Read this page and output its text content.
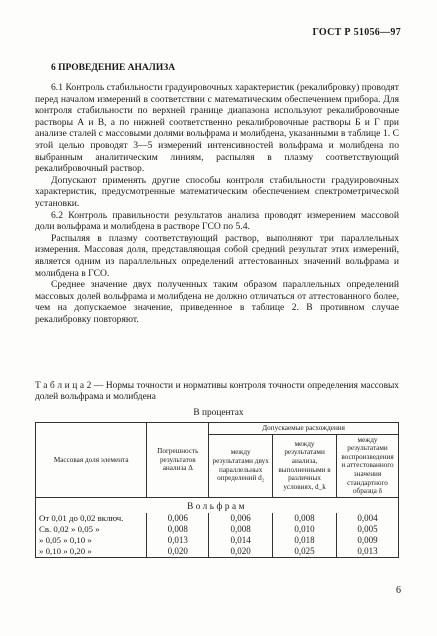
ГОСТ Р 51056—97
6 ПРОВЕДЕНИЕ АНАЛИЗА

6.1 Контроль стабильности градуировочных характеристик (рекалибровку) проводят перед началом измерений в соответствии с математическим обеспечением прибора. Для контроля стабильности по верхней границе диапазона используют рекалибровочные растворы А и В, а по нижней соответственно рекалибровочные растворы Б и Г при анализе сталей с массовыми долями вольфрама и молибдена, указанными в таблице 1. С этой целью проводят 3—5 измерений интенсивностей вольфрама и молибдена по выбранным аналитическим линиям, распыляя в плазму соответствующий рекалибровочный раствор.

Допускают применять другие способы контроля стабильности градуировочных характеристик, предусмотренные математическим обеспечением спектрометрической установки.

6.2 Контроль правильности результатов анализа проводят измерением массовой доли вольфрама и молибдена в растворе ГСО по 5.4.

Распыляя в плазму соответствующий раствор, выполняют три параллельных измерения. Массовая доля, представляющая собой средний результат этих измерений, является одним из параллельных определений аттестованных значений вольфрама и молибдена в ГСО.

Среднее значение двух полученных таким образом параллельных определений массовых долей вольфрама и молибдена не должно отличаться от аттестованного более, чем на допускаемое значение, приведенное в таблице 2. В противном случае рекалибровку повторяют.

Т а б л и ц а 2 — Нормы точности и нормативы контроля точности определения массовых долей вольфрама и молибдена
В процентах
Массовая доля элемента	Погрешность результатов анализа Δ	Допускаемые расхождения		
		между результатами двух параллельных определений d₂	между результатами анализа, выполненными в различных условиях, d_k	между результатами воспроизведения и аттестованного значения стандартного образца δ
Вольфрам				
От 0,01 до 0,02 включ.	0,006	0,006	0,008	0,004
Св. 0,02 » 0,05 »	0,008	0,008	0,010	0,005
» 0,05 » 0,10 »	0,013	0,014	0,018	0,009
» 0,10 » 0,20 »	0,020	0,020	0,025	0,013
6
